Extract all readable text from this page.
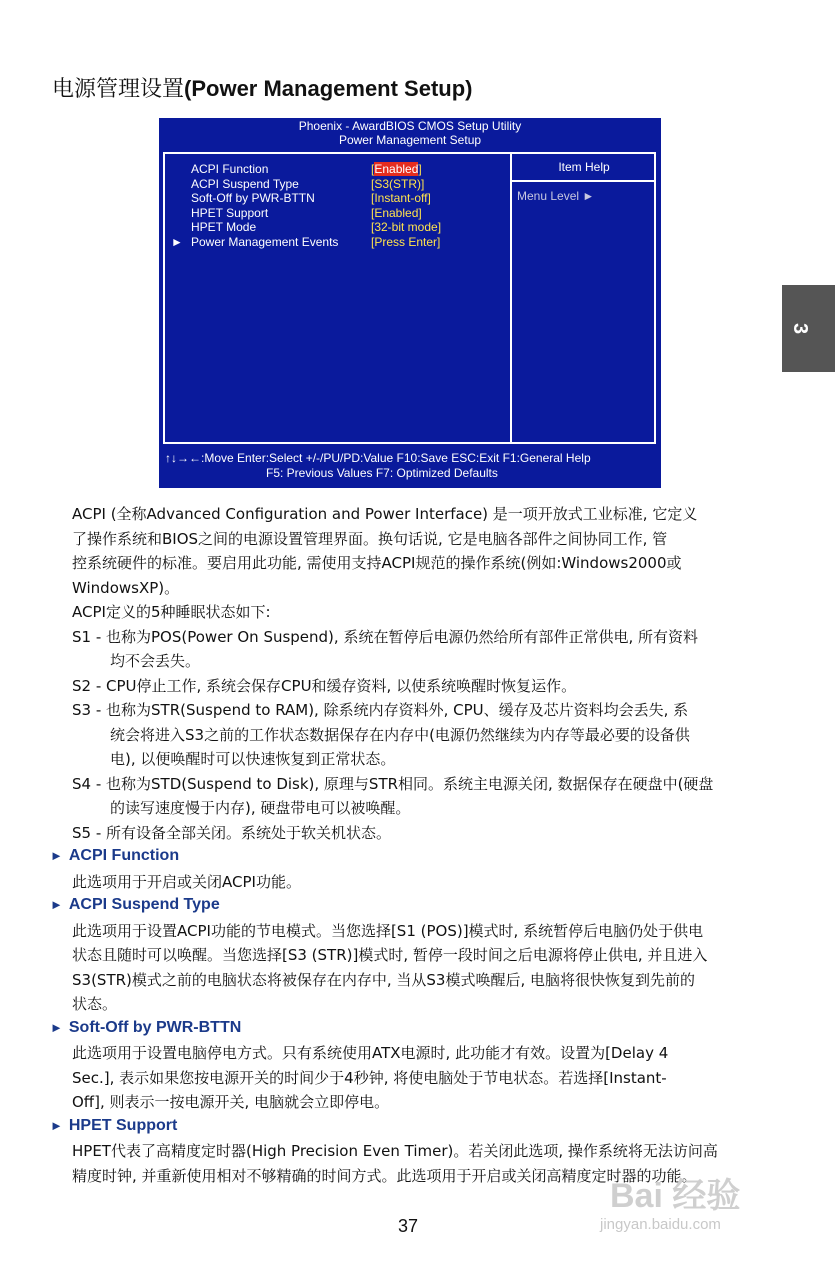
电源管理设置(Power Management Setup)
Phoenix - AwardBIOS CMOS Setup Utility
Power Management Setup
Item Help
Menu Level ►
ACPI Function	[Enabled]
ACPI Suspend Type	[S3(STR)]
Soft-Off by PWR-BTTN	[Instant-off]
HPET Support	[Enabled]
HPET Mode	[32-bit mode]
► Power Management Events	[Press Enter]
↑↓→←:Move Enter:Select +/-/PU/PD:Value F10:Save ESC:Exit F1:General Help
F5: Previous Values F7: Optimized Defaults
3
ACPI (全称Advanced Configuration and Power Interface) 是一项开放式工业标准, 它定义
了操作系统和BIOS之间的电源设置管理界面。换句话说, 它是电脑各部件之间协同工作, 管
控系统硬件的标准。要启用此功能, 需使用支持ACPI规范的操作系统(例如:Windows2000或
WindowsXP)。
ACPI定义的5种睡眠状态如下:
S1 - 也称为POS(Power On Suspend), 系统在暂停后电源仍然给所有部件正常供电, 所有资料
均不会丢失。
S2 - CPU停止工作, 系统会保存CPU和缓存资料, 以使系统唤醒时恢复运作。
S3 - 也称为STR(Suspend to RAM), 除系统内存资料外, CPU、缓存及芯片资料均会丢失, 系
统会将进入S3之前的工作状态数据保存在内存中(电源仍然继续为内存等最必要的设备供
电), 以便唤醒时可以快速恢复到正常状态。
S4 - 也称为STD(Suspend to Disk), 原理与STR相同。系统主电源关闭, 数据保存在硬盘中(硬盘
的读写速度慢于内存), 硬盘带电可以被唤醒。
S5 - 所有设备全部关闭。系统处于软关机状态。
► ACPI Function
此选项用于开启或关闭ACPI功能。
► ACPI Suspend Type
此选项用于设置ACPI功能的节电模式。当您选择[S1 (POS)]模式时, 系统暂停后电脑仍处于供电
状态且随时可以唤醒。当您选择[S3 (STR)]模式时, 暂停一段时间之后电源将停止供电, 并且进入
S3(STR)模式之前的电脑状态将被保存在内存中, 当从S3模式唤醒后, 电脑将很快恢复到先前的
状态。
► Soft-Off by PWR-BTTN
此选项用于设置电脑停电方式。只有系统使用ATX电源时, 此功能才有效。设置为[Delay 4
Sec.], 表示如果您按电源开关的时间少于4秒钟, 将使电脑处于节电状态。若选择[Instant-
Off], 则表示一按电源开关, 电脑就会立即停电。
► HPET Support
HPET代表了高精度定时器(High Precision Even Timer)。若关闭此选项, 操作系统将无法访问高
精度时钟, 并重新使用相对不够精确的时间方式。此选项用于开启或关闭高精度定时器的功能。
37
Bai 经验
jingyan.baidu.com
